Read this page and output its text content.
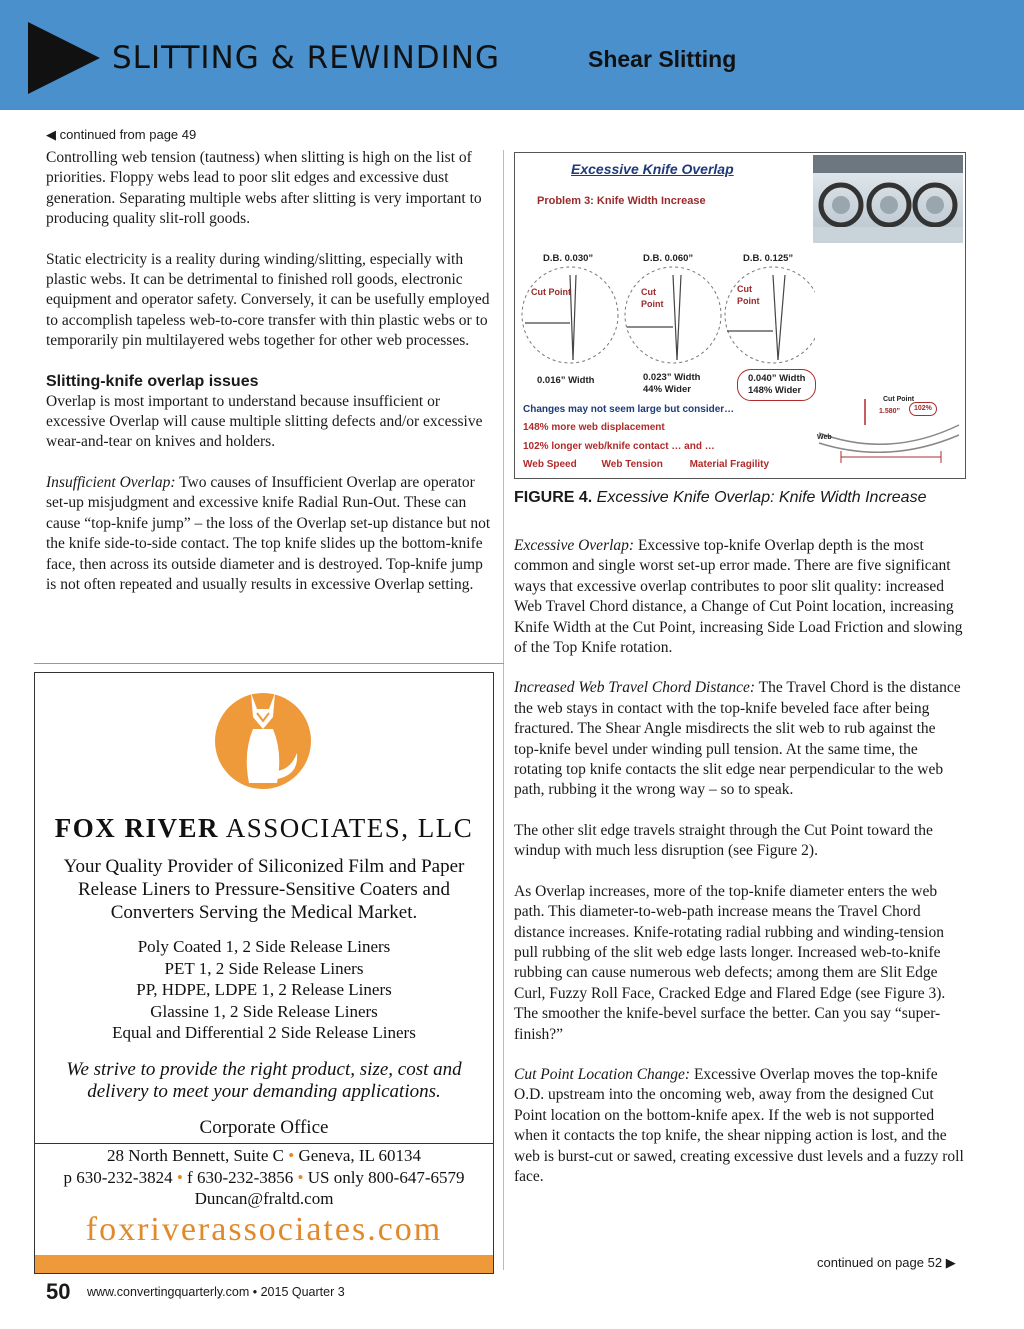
SLITTING & REWINDING	Shear Slitting
◀ continued from page 49

Controlling web tension (tautness) when slitting is high on the list of priorities. Floppy webs lead to poor slit edges and excessive dust generation. Separating multiple webs after slitting is very important to producing quality slit-roll goods.

Static electricity is a reality during winding/slitting, especially with plastic webs. It can be detrimental to finished roll goods, electronic equipment and operator safety. Conversely, it can be usefully employed to accomplish tapeless web-to-core transfer with thin plastic webs or to temporarily pin multilayered webs together for other web processes.

Slitting-knife overlap issues

Overlap is most important to understand because insufficient or excessive Overlap will cause multiple slitting defects and/or excessive wear-and-tear on knives and holders.

Insufficient Overlap: Two causes of Insufficient Overlap are operator set-up misjudgment and excessive knife Radial Run-Out. These can cause “top-knife jump” – the loss of the Overlap set-up distance but not the knife side-to-side contact. The top knife slides up the bottom-knife face, then across its outside diameter and is destroyed. Top-knife jump is not often repeated and usually results in excessive Overlap setting.

Excessive Knife Overlap
Problem 3: Knife Width Increase
D.B. 0.030”	D.B. 0.060”	D.B. 0.125”
Cut Point	Cut Point
Cut Point
0.016” Width	0.023” Width
44% Wider
0.040” Width
148% Wider
Changes may not seem large but consider…
148% more web displacement
102% longer web/knife contact … and …
Web Speed Web Tension	Material Fragility
Cut Point
1.580”	102%
Web
FIGURE 4. Excessive Knife Overlap: Knife Width Increase

Excessive Overlap: Excessive top-knife Overlap depth is the most common and single worst set-up error made. There are five significant ways that excessive overlap contributes to poor slit quality: increased Web Travel Chord distance, a Change of Cut Point location, increasing Knife Width at the Cut Point, increasing Side Load Friction and slowing of the Top Knife rotation.

Increased Web Travel Chord Distance: The Travel Chord is the distance the web stays in contact with the top-knife beveled face after being fractured. The Shear Angle misdirects the slit web to rub against the top-knife bevel under winding pull tension. At the same time, the rotating top knife contacts the slit edge near perpendicular to the web path, rubbing it the wrong way – so to speak.

The other slit edge travels straight through the Cut Point toward the windup with much less disruption (see Figure 2).

As Overlap increases, more of the top-knife diameter enters the web path. This diameter-to-web-path increase means the Travel Chord distance increases. Knife-rotating radial rubbing and winding-tension pull rubbing of the slit web edge lasts longer. Increased web-to-knife rubbing can cause numerous web defects; among them are Slit Edge Curl, Fuzzy Roll Face, Cracked Edge and Flared Edge (see Figure 3). The smoother the knife-bevel surface the better. Can you say “super-finish?”

Cut Point Location Change: Excessive Overlap moves the top-knife O.D. upstream into the oncoming web, away from the designed Cut Point location on the bottom-knife apex. If the web is not supported when it contacts the top knife, the shear nipping action is lost, and the web is burst-cut or sawed, creating excessive dust levels and a fuzzy roll face.

FOX RIVER ASSOCIATES, LLC
Your Quality Provider of Siliconized Film and Paper
Release Liners to Pressure-Sensitive Coaters and
Converters Serving the Medical Market.
Poly Coated 1, 2 Side Release Liners
PET 1, 2 Side Release Liners
PP, HDPE, LDPE 1, 2 Release Liners
Glassine 1, 2 Side Release Liners
Equal and Differential 2 Side Release Liners
We strive to provide the right product, size, cost and
delivery to meet your demanding applications.
Corporate Office
28 North Bennett, Suite C • Geneva, IL 60134
p 630-232-3824 • f 630-232-3856 • US only 800-647-6579
Duncan@fraltd.com
foxriverassociates.com
continued on page 52 ▶
50 www.convertingquarterly.com • 2015 Quarter 3
